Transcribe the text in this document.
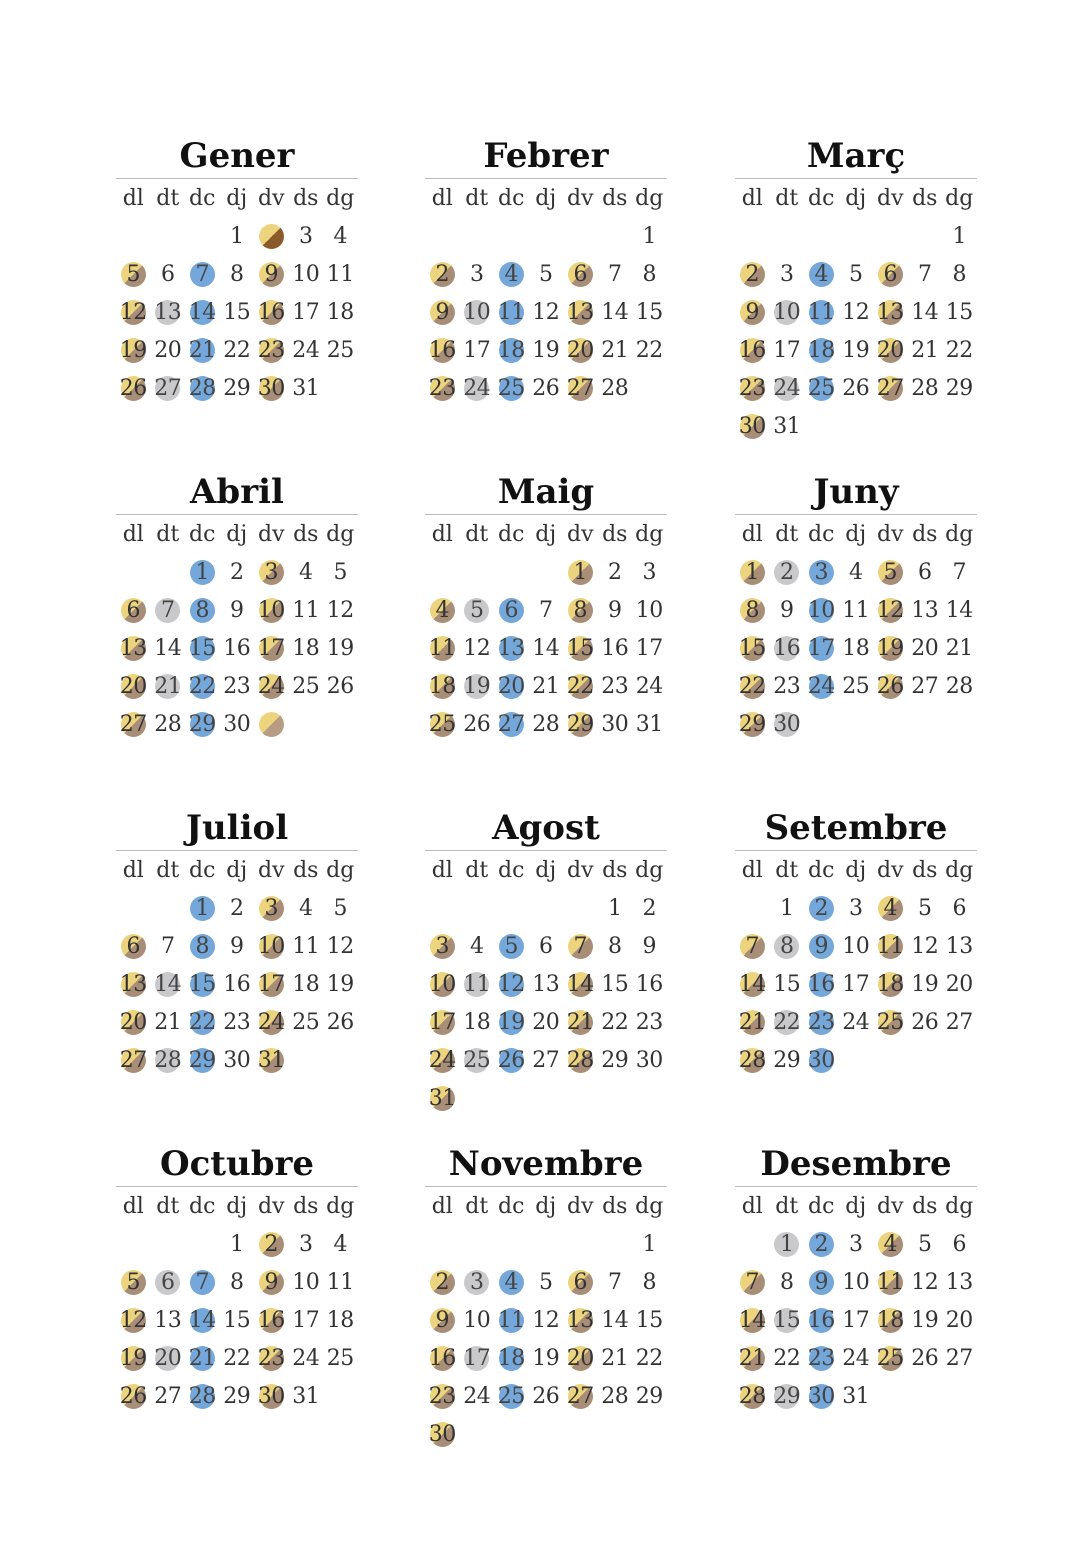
Gener
dl dt dc dj dv ds dg
1	3 4
5 6 7 8 9 10 11
12 13 14 15 16 17 18
19 20 21 22 23 24 25
26 27 28 29 30 31
Febrer
dl dt dc dj dv ds dg
1
2 3 4 5 6 7 8
9 10 11 12 13 14 15
16 17 18 19 20 21 22
23 24 25 26 27 28
Març
dl dt dc dj dv ds dg
1
2 3 4 5 6 7 8
9 10 11 12 13 14 15
16 17 18 19 20 21 22
23 24 25 26 27 28 29
30 31
Abril
dl dt dc dj dv ds dg
1 2 3 4 5
6 7 8 9 10 11 12
13 14 15 16 17 18 19
20 21 22 23 24 25 26
27 28 29 30
Maig
dl dt dc dj dv ds dg
1 2 3
4 5 6 7 8 9 10
11 12 13 14 15 16 17
18 19 20 21 22 23 24
25 26 27 28 29 30 31
Juny
dl dt dc dj dv ds dg
1 2 3 4 5 6 7
8 9 10 11 12 13 14
15 16 17 18 19 20 21
22 23 24 25 26 27 28
29 30
Juliol
dl dt dc dj dv ds dg
1 2 3 4 5
6 7 8 9 10 11 12
13 14 15 16 17 18 19
20 21 22 23 24 25 26
27 28 29 30 31
Agost
dl dt dc dj dv ds dg
1 2
3 4 5 6 7 8 9
10 11 12 13 14 15 16
17 18 19 20 21 22 23
24 25 26 27 28 29 30
31
Setembre
dl dt dc dj dv ds dg
1 2 3 4 5 6
7 8 9 10 11 12 13
14 15 16 17 18 19 20
21 22 23 24 25 26 27
28 29 30
Octubre
dl dt dc dj dv ds dg
1 2 3 4
5 6 7 8 9 10 11
12 13 14 15 16 17 18
19 20 21 22 23 24 25
26 27 28 29 30 31
Novembre
dl dt dc dj dv ds dg
1
2 3 4 5 6 7 8
9 10 11 12 13 14 15
16 17 18 19 20 21 22
23 24 25 26 27 28 29
30
Desembre
dl dt dc dj dv ds dg
1 2 3 4 5 6
7 8 9 10 11 12 13
14 15 16 17 18 19 20
21 22 23 24 25 26 27
28 29 30 31
